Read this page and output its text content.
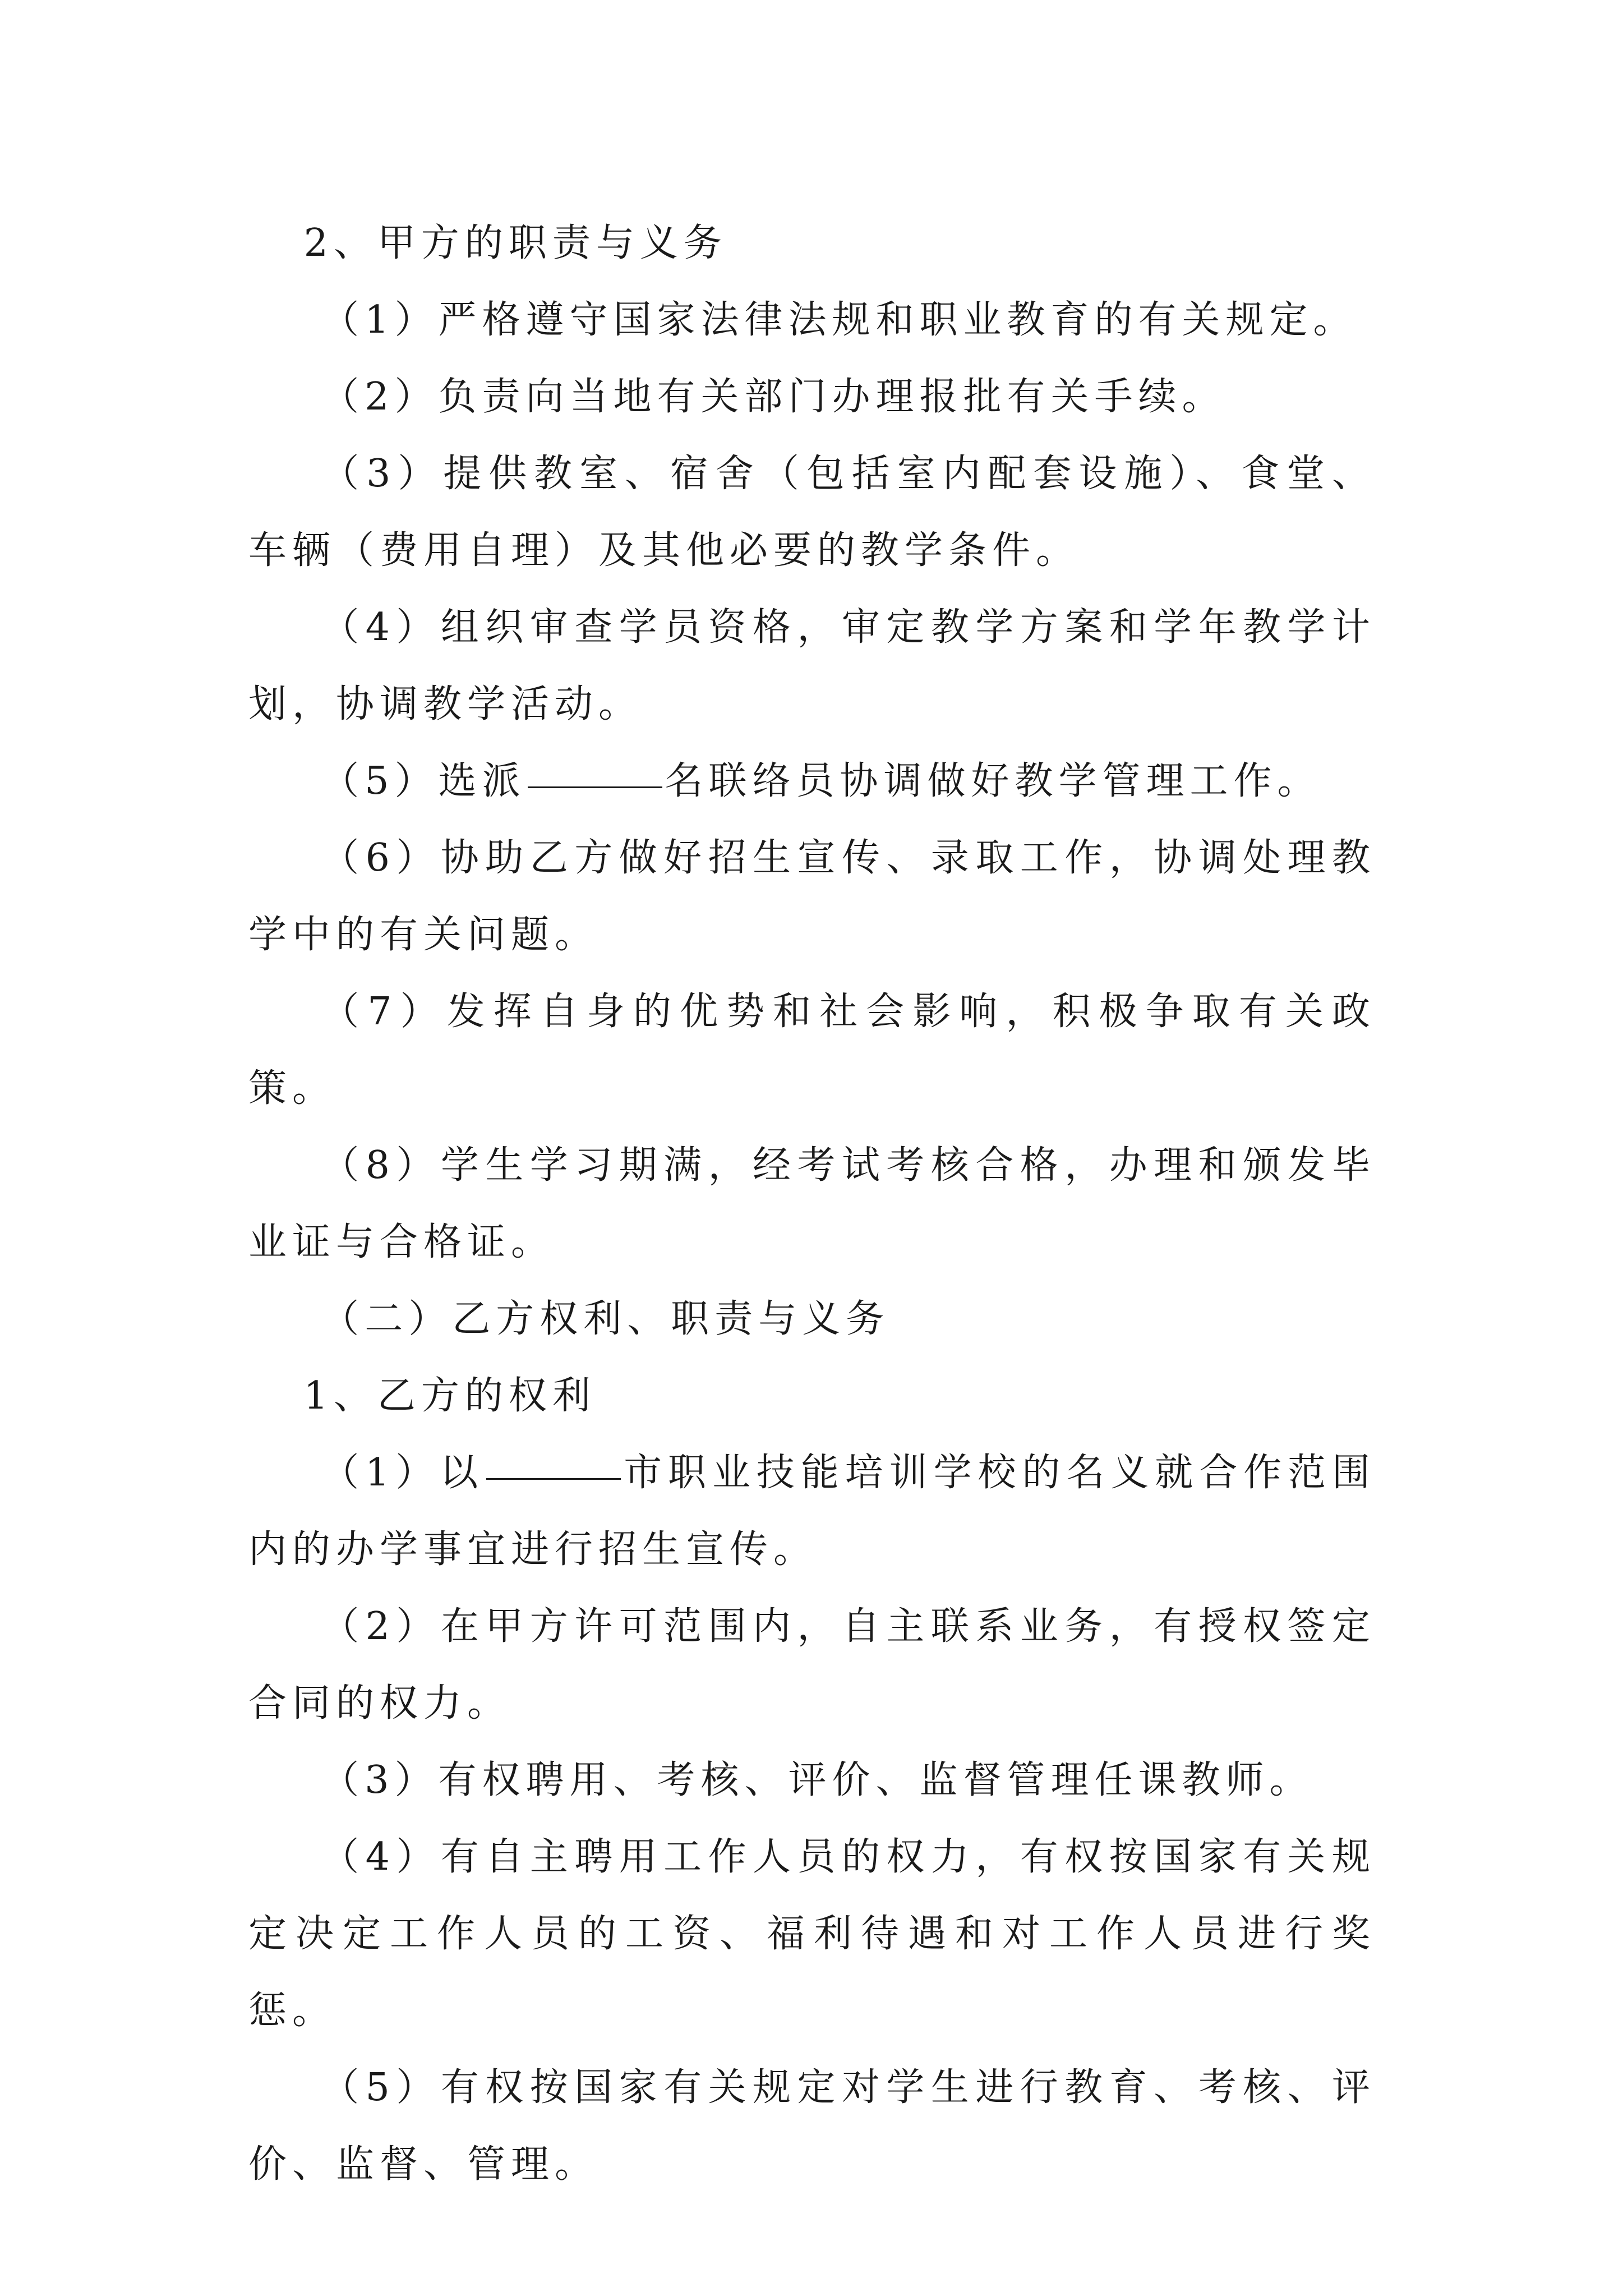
2、甲方的职责与义务

（1）严格遵守国家法律法规和职业教育的有关规定。

（2）负责向当地有关部门办理报批有关手续。

（3）提供教室、宿舍（包括室内配套设施）、食堂、车辆（费用自理）及其他必要的教学条件。

（4）组织审查学员资格，审定教学方案和学年教学计划，协调教学活动。

（5）选派	名联络员协调做好教学管理工作。

（6）协助乙方做好招生宣传、录取工作，协调处理教学中的有关问题。

（7）发挥自身的优势和社会影响，积极争取有关政策。

（8）学生学习期满，经考试考核合格，办理和颁发毕业证与合格证。

（二）乙方权利、职责与义务

1、乙方的权利

（1）以	市职业技能培训学校的名义就合作范围内的办学事宜进行招生宣传。

（2）在甲方许可范围内，自主联系业务，有授权签定合同的权力。

（3）有权聘用、考核、评价、监督管理任课教师。

（4）有自主聘用工作人员的权力，有权按国家有关规定决定工作人员的工资、福利待遇和对工作人员进行奖惩。

（5）有权按国家有关规定对学生进行教育、考核、评价、监督、管理。
